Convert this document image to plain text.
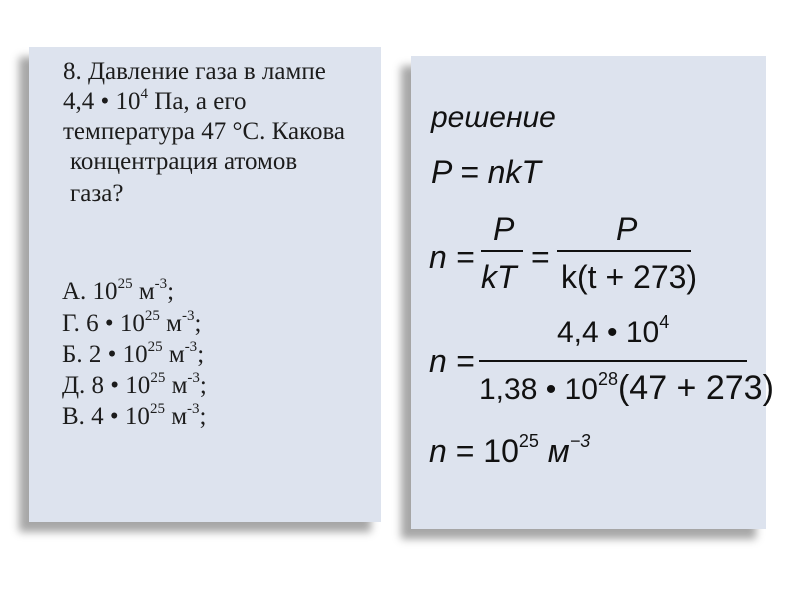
8. Давление газа в лампе
4,4 • $10^4$ Па, а его
температура 47 °С. Какова
концентрация атомов
газа?
А. $10^{25}$ $м^{-3}$;
Г. 6 • $10^{25}$ $м^{-3}$;
Б. 2 • $10^{25}$ $м^{-3}$;
Д. 8 • $10^{25}$ $м^{-3}$;
В. 4 • $10^{25}$ $м^{-3}$;
решение
P = nkT
n =
P
kT
=
P
k(t + 273)
n =
4,4 • $10^4$
1,38 • $10^{28}(47 + 273)$
$n = 10^{25}$ $м^{-3}$
